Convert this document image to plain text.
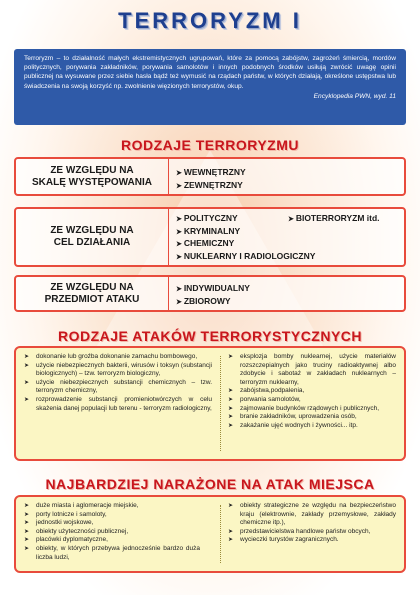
TERRORYZM I
Terroryzm – to działalność małych ekstremistycznych ugrupowań, które za pomocą zabójstw, zagrożeń śmiercią, mordów politycznych, porywania zakładników, porywania samolotów i innych podobnych środków usiłują zwrócić uwagę opinii publicznej na wysuwane przez siebie hasła bądź też wymusić na rządach państw, w których działają, określone ustępstwa lub świadczenia na swoją korzyść np. zwolnienie więzionych terrorystów, okup.
Encyklopedia PWN, wyd. 11
RODZAJE TERRORYZMU
ZE WZGLĘDU NA
SKALĘ WYSTĘPOWANIA
➤ WEWNĘTRZNY
➤ ZEWNĘTRZNY
ZE WZGLĘDU NA
CEL DZIAŁANIA
➤ POLITYCZNY
➤ KRYMINALNY
➤ CHEMICZNY
➤ NUKLEARNY I RADIOLOGICZNY
➤ BIOTERRORYZM itd.
ZE WZGLĘDU NA
PRZEDMIOT ATAKU
➤ INDYWIDUALNY
➤ ZBIOROWY
RODZAJE ATAKÓW TERRORYSTYCZNYCH
➤ dokonanie lub groźba dokonanie zamachu bombowego,
➤ użycie niebezpiecznych bakterii, wirusów i toksyn (substancji biologicznych) – tzw. terroryzm biologiczny,
➤ użycie niebezpiecznych substancji chemicznych – tzw. terroryzm chemiczny,
➤ rozprowadzenie substancji promieniotwórczych w celu skażenia danej populacji lub terenu - terroryzm radiologiczny,
➤ eksplozja bomby nuklearnej, użycie materiałów rozszczepialnych jako truciny radioaktywnej albo zdobycie i sabotaż w zakładach nuklearnych – terroryzm nuklearny,
➤ zabójstwa,podpalenia,
➤ porwania samolotów,
➤ zajmowanie budynków rządowych i publicznych,
➤ branie zakładników, uprowadzenia osób,
➤ zakażanie ujęć wodnych i żywności... itp.
NAJBARDZIEJ NARAŻONE NA ATAK MIEJSCA
➤ duże miasta i aglomeracje miejskie,
➤ porty lotnicze i samoloty,
➤ jednostki wojskowe,
➤ obiekty użyteczności publicznej,
➤ placówki dyplomatyczne,
➤ obiekty, w których przebywa jednocześnie bardzo duża liczba ludzi,
➤ obiekty strategiczne ze względu na bezpieczeństwo kraju (elektrownie, zakłady przemysłowe, zakłady chemiczne itp.),
➤ przedstawicielstwa handlowe państw obcych,
➤ wycieczki turystów zagranicznych.
